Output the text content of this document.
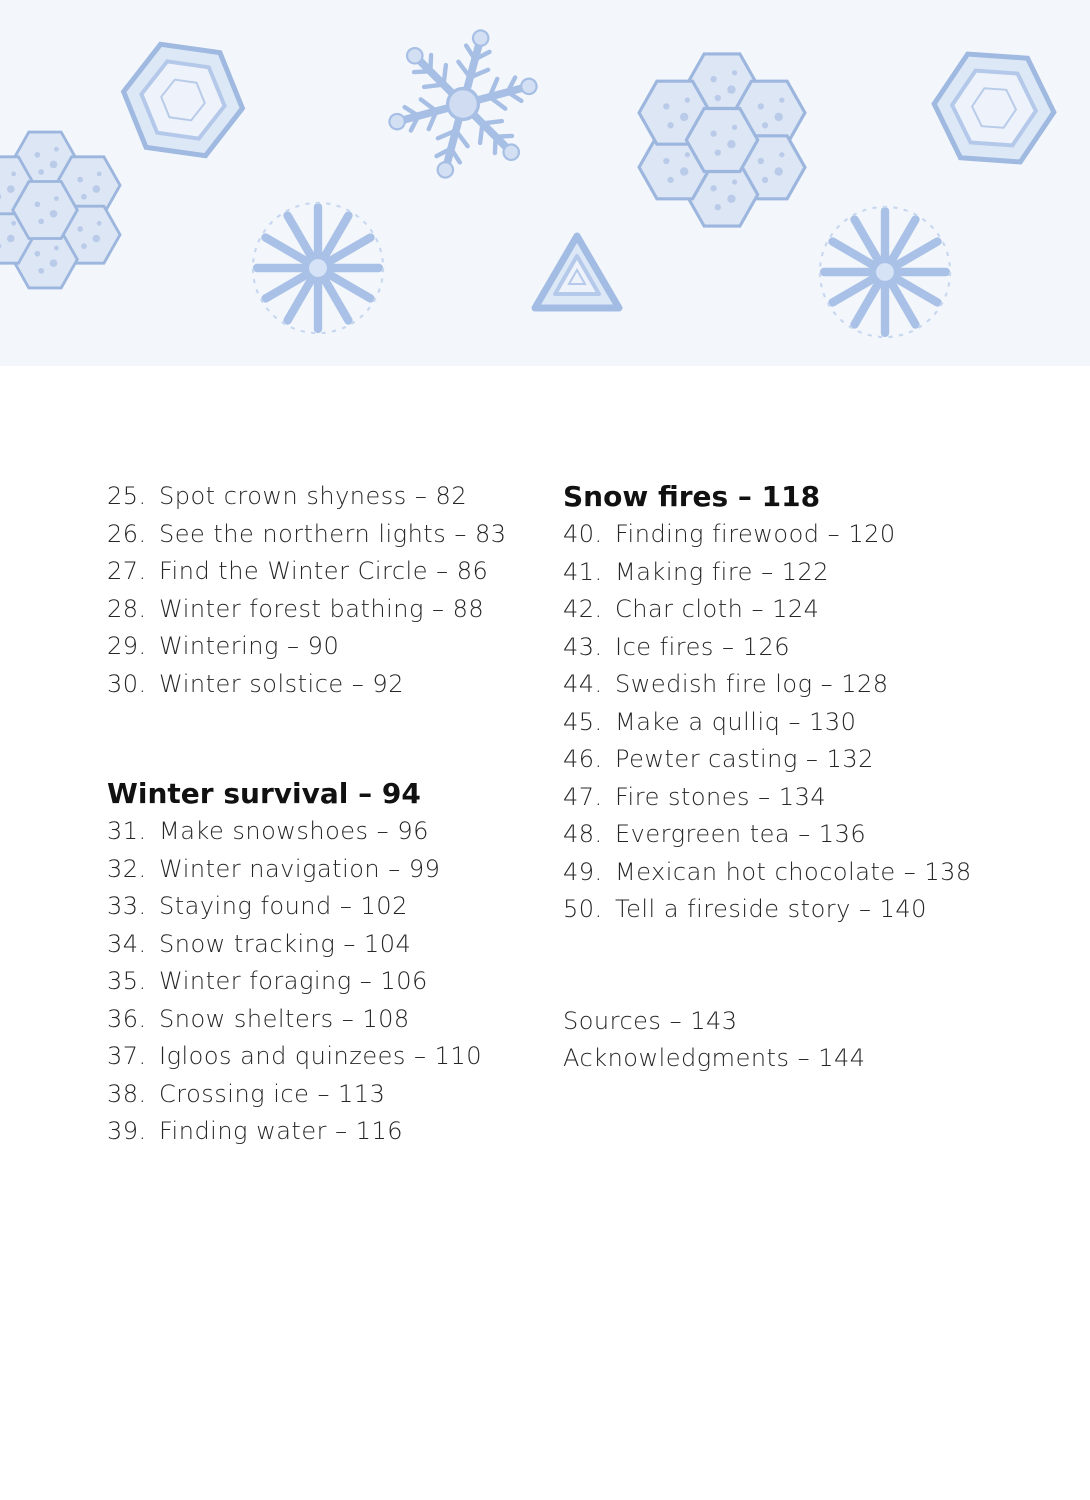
25. Spot crown shyness – 82
26. See the northern lights – 83
27. Find the Winter Circle – 86
28. Winter forest bathing – 88
29. Wintering – 90
30. Winter solstice – 92
Winter survival – 94
31. Make snowshoes – 96
32. Winter navigation – 99
33. Staying found – 102
34. Snow tracking – 104
35. Winter foraging – 106
36. Snow shelters – 108
37. Igloos and quinzees – 110
38. Crossing ice – 113
39. Finding water – 116
Snow fires – 118
40. Finding firewood – 120
41. Making fire – 122
42. Char cloth – 124
43. Ice fires – 126
44. Swedish fire log – 128
45. Make a qulliq – 130
46. Pewter casting – 132
47. Fire stones – 134
48. Evergreen tea – 136
49. Mexican hot chocolate – 138
50. Tell a fireside story – 140
Sources – 143
Acknowledgments – 144
